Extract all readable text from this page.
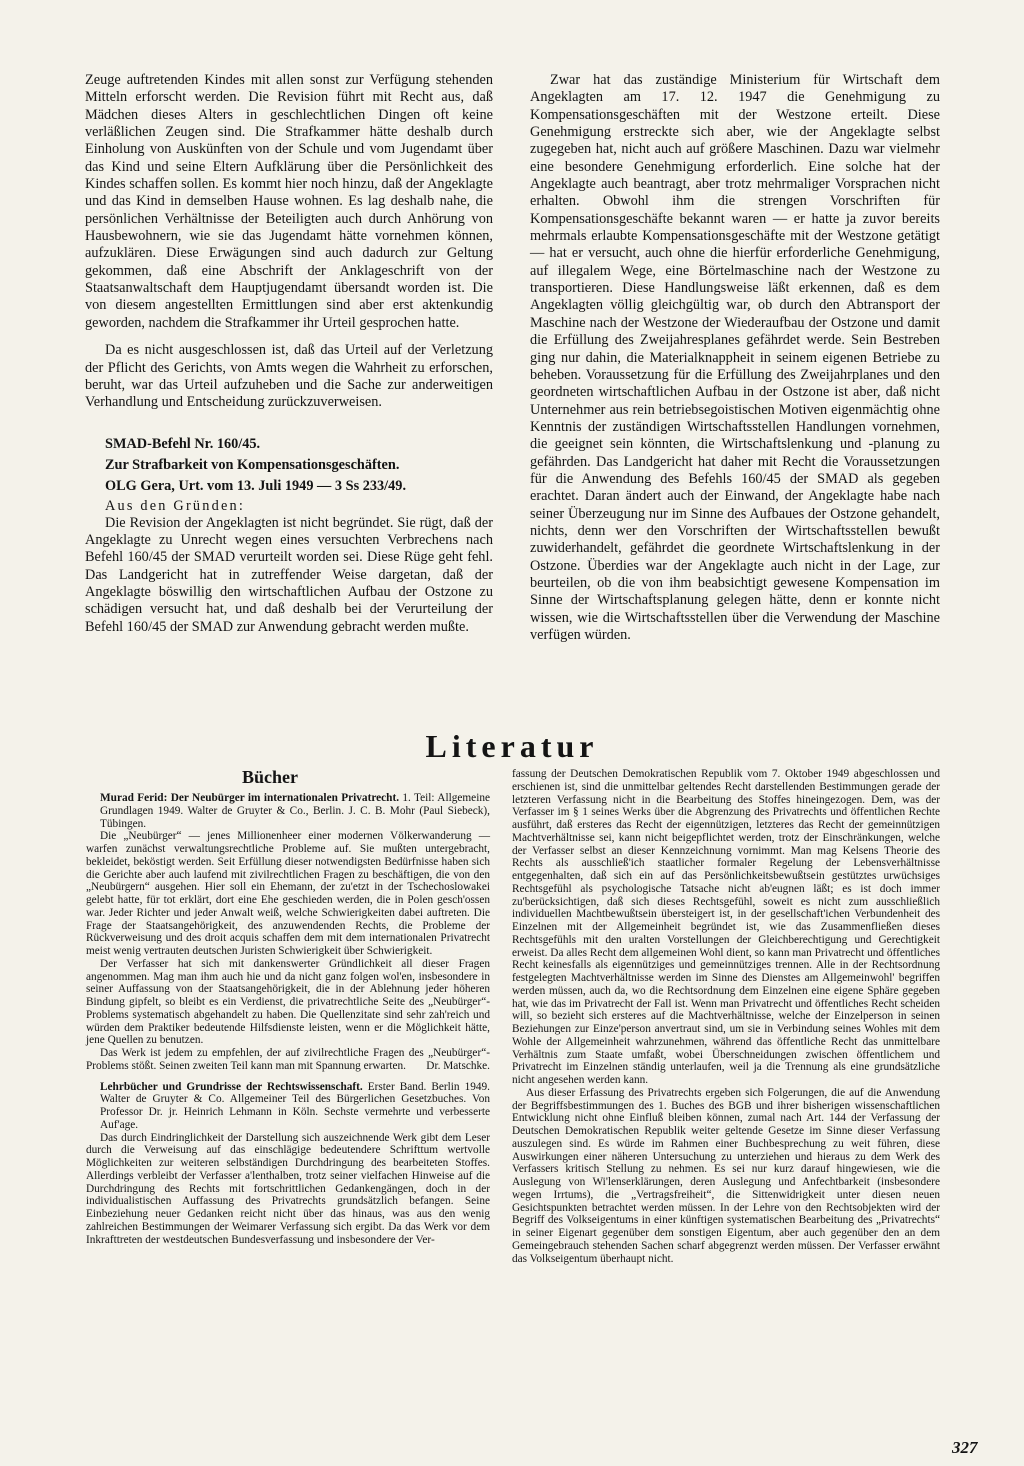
Zeuge auftretenden Kindes mit allen sonst zur Verfügung stehenden Mitteln erforscht werden. Die Revision führt mit Recht aus, daß Mädchen dieses Alters in geschlechtlichen Dingen oft keine verläßlichen Zeugen sind. Die Strafkammer hätte deshalb durch Einholung von Auskünften von der Schule und vom Jugendamt über das Kind und seine Eltern Aufklärung über die Persönlichkeit des Kindes schaffen sollen. Es kommt hier noch hinzu, daß der Angeklagte und das Kind in demselben Hause wohnen. Es lag deshalb nahe, die persönlichen Verhältnisse der Beteiligten auch durch Anhörung von Hausbewohnern, wie sie das Jugendamt hätte vornehmen können, aufzuklären. Diese Erwägungen sind auch dadurch zur Geltung gekommen, daß eine Abschrift der Anklageschrift von der Staatsanwaltschaft dem Hauptjugendamt übersandt worden ist. Die von diesem angestellten Ermittlungen sind aber erst aktenkundig geworden, nachdem die Strafkammer ihr Urteil gesprochen hatte.

Da es nicht ausgeschlossen ist, daß das Urteil auf der Verletzung der Pflicht des Gerichts, von Amts wegen die Wahrheit zu erforschen, beruht, war das Urteil aufzuheben und die Sache zur anderweitigen Verhandlung und Entscheidung zurückzuverweisen.

SMAD-Befehl Nr. 160/45.

Zur Strafbarkeit von Kompensationsgeschäften.

OLG Gera, Urt. vom 13. Juli 1949 — 3 Ss 233/49.

Aus den Gründen:

Die Revision der Angeklagten ist nicht begründet. Sie rügt, daß der Angeklagte zu Unrecht wegen eines versuchten Verbrechens nach Befehl 160/45 der SMAD verurteilt worden sei. Diese Rüge geht fehl. Das Landgericht hat in zutreffender Weise dargetan, daß der Angeklagte böswillig den wirtschaftlichen Aufbau der Ostzone zu schädigen versucht hat, und daß deshalb bei der Verurteilung der Befehl 160/45 der SMAD zur Anwendung gebracht werden mußte.

Zwar hat das zuständige Ministerium für Wirtschaft dem Angeklagten am 17. 12. 1947 die Genehmigung zu Kompensationsgeschäften mit der Westzone erteilt. Diese Genehmigung erstreckte sich aber, wie der Angeklagte selbst zugegeben hat, nicht auch auf größere Maschinen. Dazu war vielmehr eine besondere Genehmigung erforderlich. Eine solche hat der Angeklagte auch beantragt, aber trotz mehrmaliger Vorsprachen nicht erhalten. Obwohl ihm die strengen Vorschriften für Kompensationsgeschäfte bekannt waren — er hatte ja zuvor bereits mehrmals erlaubte Kompensationsgeschäfte mit der Westzone getätigt — hat er versucht, auch ohne die hierfür erforderliche Genehmigung, auf illegalem Wege, eine Börtelmaschine nach der Westzone zu transportieren. Diese Handlungsweise läßt erkennen, daß es dem Angeklagten völlig gleichgültig war, ob durch den Abtransport der Maschine nach der Westzone der Wiederaufbau der Ostzone und damit die Erfüllung des Zweijahresplanes gefährdet werde. Sein Bestreben ging nur dahin, die Materialknappheit in seinem eigenen Betriebe zu beheben. Voraussetzung für die Erfüllung des Zweijahrplanes und den geordneten wirtschaftlichen Aufbau in der Ostzone ist aber, daß nicht Unternehmer aus rein betriebsegoistischen Motiven eigenmächtig ohne Kenntnis der zuständigen Wirtschaftsstellen Handlungen vornehmen, die geeignet sein könnten, die Wirtschaftslenkung und -planung zu gefährden. Das Landgericht hat daher mit Recht die Voraussetzungen für die Anwendung des Befehls 160/45 der SMAD als gegeben erachtet. Daran ändert auch der Einwand, der Angeklagte habe nach seiner Überzeugung nur im Sinne des Aufbaues der Ostzone gehandelt, nichts, denn wer den Vorschriften der Wirtschaftsstellen bewußt zuwiderhandelt, gefährdet die geordnete Wirtschaftslenkung in der Ostzone. Überdies war der Angeklagte auch nicht in der Lage, zur beurteilen, ob die von ihm beabsichtigt gewesene Kompensation im Sinne der Wirtschaftsplanung gelegen hätte, denn er konnte nicht wissen, wie die Wirtschaftsstellen über die Verwendung der Maschine verfügen würden.

Literatur
Bücher

Murad Ferid: Der Neubürger im internationalen Privatrecht. 1. Teil: Allgemeine Grundlagen 1949. Walter de Gruyter & Co., Berlin. J. C. B. Mohr (Paul Siebeck), Tübingen.

Die „Neubürger“ — jenes Millionenheer einer modernen Völkerwanderung — warfen zunächst verwaltungsrechtliche Probleme auf. Sie mußten untergebracht, bekleidet, beköstigt werden. Seit Erfüllung dieser notwendigsten Bedürfnisse haben sich die Gerichte aber auch laufend mit zivilrechtlichen Fragen zu beschäftigen, die von den „Neubürgern“ ausgehen. Hier soll ein Ehemann, der zu'etzt in der Tschechoslowakei gelebt hatte, für tot erklärt, dort eine Ehe geschieden werden, die in Polen gesch'ossen war. Jeder Richter und jeder Anwalt weiß, welche Schwierigkeiten dabei auftreten. Die Frage der Staatsangehörigkeit, des anzuwendenden Rechts, die Probleme der Rückverweisung und des droit acquis schaffen dem mit dem internationalen Privatrecht meist wenig vertrauten deutschen Juristen Schwierigkeit über Schwierigkeit.

Der Verfasser hat sich mit dankenswerter Gründlichkeit all dieser Fragen angenommen. Mag man ihm auch hie und da nicht ganz folgen wol'en, insbesondere in seiner Auffassung von der Staatsangehörigkeit, die in der Ablehnung jeder höheren Bindung gipfelt, so bleibt es ein Verdienst, die privatrechtliche Seite des „Neubürger“-Problems systematisch abgehandelt zu haben. Die Quellenzitate sind sehr zah'reich und würden dem Praktiker bedeutende Hilfsdienste leisten, wenn er die Möglichkeit hätte, jene Quellen zu benutzen.

Das Werk ist jedem zu empfehlen, der auf zivilrechtliche Fragen des „Neubürger“-Problems stößt. Seinen zweiten Teil kann man mit Spannung erwarten.	Dr. Matschke.

Lehrbücher und Grundrisse der Rechtswissenschaft. Erster Band. Berlin 1949. Walter de Gruyter & Co. Allgemeiner Teil des Bürgerlichen Gesetzbuches. Von Professor Dr. jr. Heinrich Lehmann in Köln. Sechste vermehrte und verbesserte Auf'age.

Das durch Eindringlichkeit der Darstellung sich auszeichnende Werk gibt dem Leser durch die Verweisung auf das einschlägige bedeutendere Schrifttum wertvolle Möglichkeiten zur weiteren selbständigen Durchdringung des bearbeiteten Stoffes. Allerdings verbleibt der Verfasser a'lenthalben, trotz seiner vielfachen Hinweise auf die Durchdringung des Rechts mit fortschrittlichen Gedankengängen, doch in der individualistischen Auffassung des Privatrechts grundsätzlich befangen. Seine Einbeziehung neuer Gedanken reicht nicht über das hinaus, was aus den wenig zahlreichen Bestimmungen der Weimarer Verfassung sich ergibt. Da das Werk vor dem Inkrafttreten der westdeutschen Bundesverfassung und insbesondere der Ver-

fassung der Deutschen Demokratischen Republik vom 7. Oktober 1949 abgeschlossen und erschienen ist, sind die unmittelbar geltendes Recht darstellenden Bestimmungen gerade der letzteren Verfassung nicht in die Bearbeitung des Stoffes hineingezogen. Dem, was der Verfasser im § 1 seines Werks über die Abgrenzung des Privatrechts und öffentlichen Rechte ausführt, daß ersteres das Recht der eigennützigen, letzteres das Recht der gemeinnützigen Machtverhältnisse sei, kann nicht beigepflichtet werden, trotz der Einschränkungen, welche der Verfasser selbst an dieser Kennzeichnung vornimmt. Man mag Kelsens Theorie des Rechts als ausschließ'ich staatlicher formaler Regelung der Lebensverhältnisse entgegenhalten, daß sich ein auf das Persönlichkeitsbewußtsein gestütztes urwüchsiges Rechtsgefühl als psychologische Tatsache nicht ab'eugnen läßt; es ist doch immer zu'berücksichtigen, daß sich dieses Rechtsgefühl, soweit es nicht zum ausschließlich individuellen Machtbewußtsein übersteigert ist, in der gesellschaft'ichen Verbundenheit des Einzelnen mit der Allgemeinheit begründet ist, wie das Zusammenfließen dieses Rechtsgefühls mit den uralten Vorstellungen der Gleichberechtigung und Gerechtigkeit erweist. Da alles Recht dem allgemeinen Wohl dient, so kann man Privatrecht und öffentliches Recht keinesfalls als eigennütziges und gemeinnütziges trennen. Alle in der Rechtsordnung festgelegten Machtverhältnisse werden im Sinne des Dienstes am Allgemeinwohl' begriffen werden müssen, auch da, wo die Rechtsordnung dem Einzelnen eine eigene Sphäre gegeben hat, wie das im Privatrecht der Fall ist. Wenn man Privatrecht und öffentliches Recht scheiden will, so bezieht sich ersteres auf die Machtverhältnisse, welche der Einzelperson in seinen Beziehungen zur Einze'person anvertraut sind, um sie in Verbindung seines Wohles mit dem Wohle der Allgemeinheit wahrzunehmen, während das öffentliche Recht das unmittelbare Verhältnis zum Staate umfaßt, wobei Überschneidungen zwischen öffentlichem und Privatrecht im Einzelnen ständig unterlaufen, weil ja die Trennung als eine grundsätzliche nicht angesehen werden kann.

Aus dieser Erfassung des Privatrechts ergeben sich Folgerungen, die auf die Anwendung der Begriffsbestimmungen des 1. Buches des BGB und ihrer bisherigen wissenschaftlichen Entwicklung nicht ohne Einfluß bleiben können, zumal nach Art. 144 der Verfassung der Deutschen Demokratischen Republik weiter geltende Gesetze im Sinne dieser Verfassung auszulegen sind. Es würde im Rahmen einer Buchbesprechung zu weit führen, diese Auswirkungen einer näheren Untersuchung zu unterziehen und hieraus zu dem Werk des Verfassers kritisch Stellung zu nehmen. Es sei nur kurz darauf hingewiesen, wie die Auslegung von Wi'lenserklärungen, deren Auslegung und Anfechtbarkeit (insbesondere wegen Irrtums), die „Vertragsfreiheit“, die Sittenwidrigkeit unter diesen neuen Gesichtspunkten betrachtet werden müssen. In der Lehre von den Rechtsobjekten wird der Begriff des Volkseigentums in einer künftigen systematischen Bearbeitung des „Privatrechts“ in seiner Eigenart gegenüber dem sonstigen Eigentum, aber auch gegenüber den an dem Gemeingebrauch stehenden Sachen scharf abgegrenzt werden müssen. Der Verfasser erwähnt das Volkseigentum überhaupt nicht.

327
